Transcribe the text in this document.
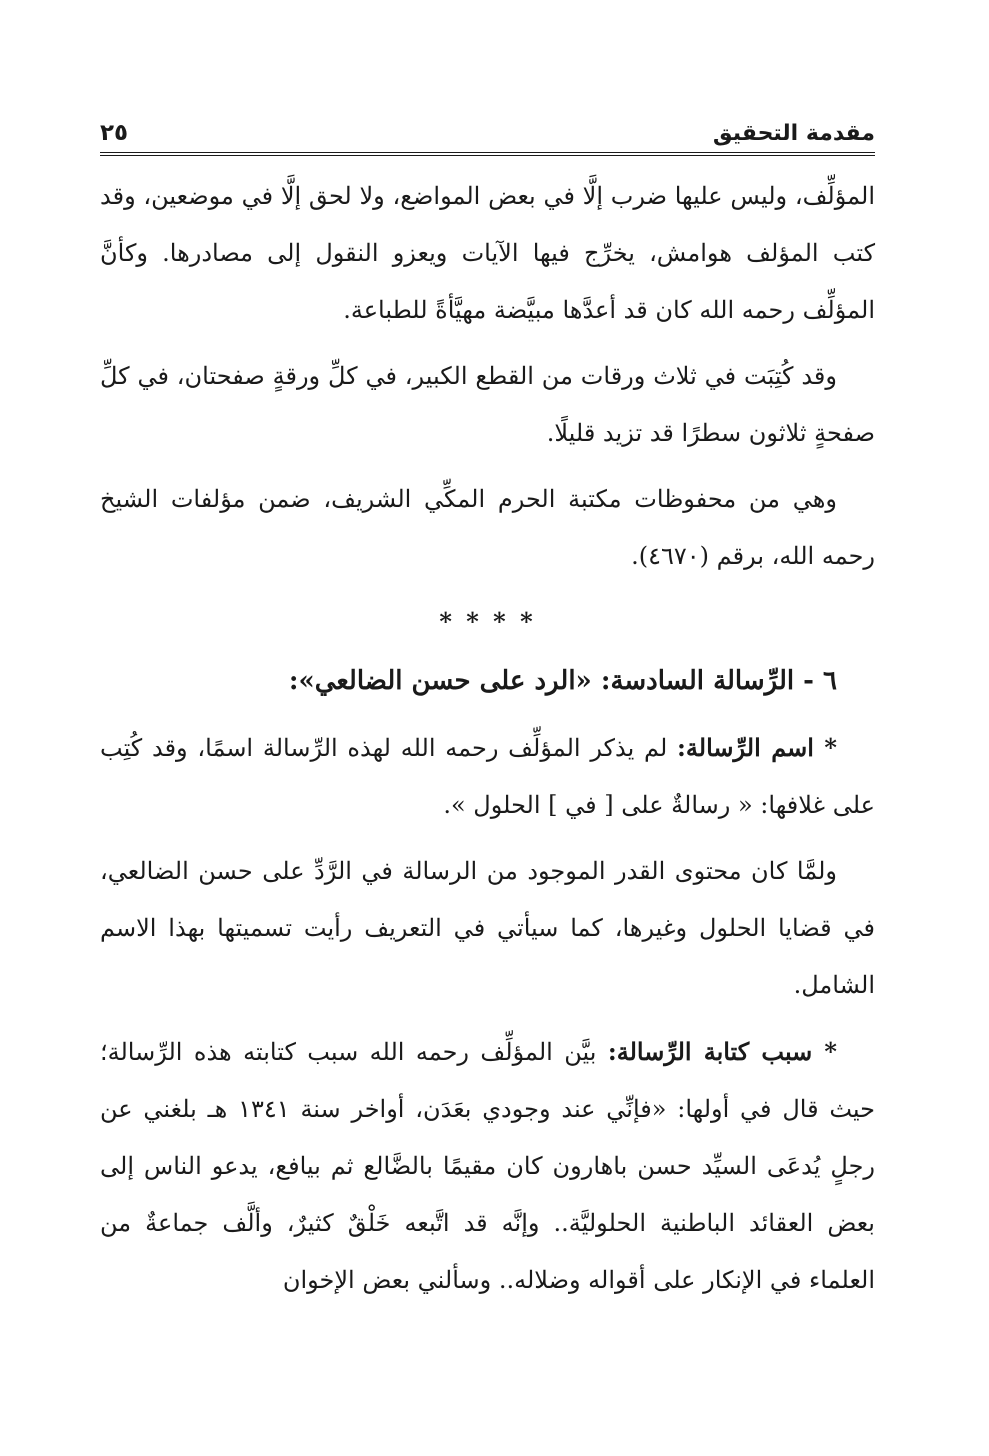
مقدمة التحقيق
٢٥

المؤلِّف، وليس عليها ضرب إلَّا في بعض المواضع، ولا لحق إلَّا في موضعين، وقد كتب المؤلف هوامش، يخرِّج فيها الآيات ويعزو النقول إلى مصادرها. وكأنَّ المؤلِّف رحمه الله كان قد أعدَّها مبيَّضة مهيَّأةً للطباعة.

وقد كُتِبَت في ثلاث ورقات من القطع الكبير، في كلِّ ورقةٍ صفحتان، في كلِّ صفحةٍ ثلاثون سطرًا قد تزيد قليلًا.

وهي من محفوظات مكتبة الحرم المكِّي الشريف، ضمن مؤلفات الشيخ رحمه الله، برقم (٤٦٧٠).

* * * *
٦ - الرِّسالة السادسة: «الرد على حسن الضالعي»:

* اسم الرِّسالة: لم يذكر المؤلِّف رحمه الله لهذه الرِّسالة اسمًا، وقد كُتِب على غلافها: « رسالةٌ على [ في ] الحلول ».

ولمَّا كان محتوى القدر الموجود من الرسالة في الرَّدِّ على حسن الضالعي، في قضايا الحلول وغيرها، كما سيأتي في التعريف رأيت تسميتها بهذا الاسم الشامل.

* سبب كتابة الرِّسالة: بيَّن المؤلِّف رحمه الله سبب كتابته هذه الرِّسالة؛ حيث قال في أولها: «فإنِّي عند وجودي بعَدَن، أواخر سنة ١٣٤١ هـ بلغني عن رجلٍ يُدعَى السيِّد حسن باهارون كان مقيمًا بالضَّالع ثم بيافع، يدعو الناس إلى بعض العقائد الباطنية الحلوليَّة.. وإنَّه قد اتَّبعه خَلْقٌ كثيرٌ، وألَّف جماعةٌ من العلماء في الإنكار على أقواله وضلاله.. وسألني بعض الإخوان
